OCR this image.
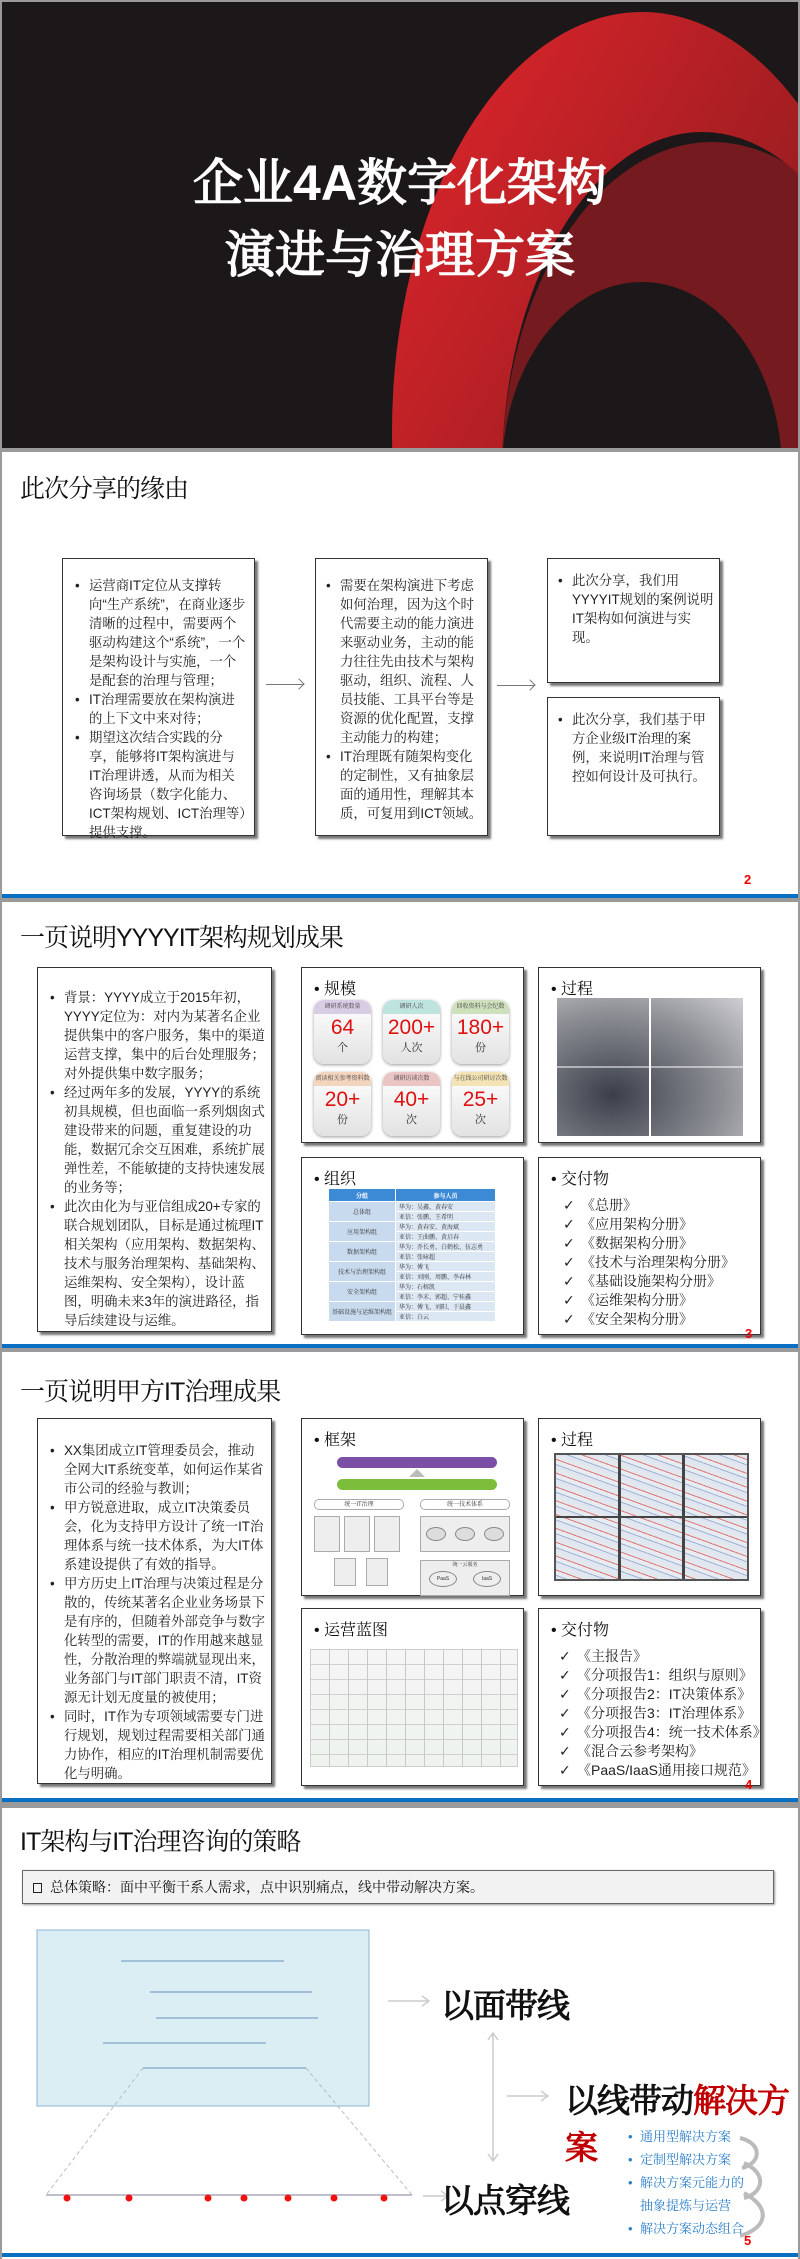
企业4A数字化架构
演进与治理方案
此次分享的缘由
• 运营商IT定位从支撑转向“生产系统”，在商业逐步清晰的过程中，需要两个驱动构建这个“系统”，一个是架构设计与实施，一个是配套的治理与管理；
• IT治理需要放在架构演进的上下文中来对待；
• 期望这次结合实践的分享，能够将IT架构演进与IT治理讲透，从而为相关咨询场景（数字化能力、ICT架构规划、ICT治理等）提供支撑。
• 需要在架构演进下考虑如何治理，因为这个时代需要主动的能力演进来驱动业务，主动的能力往往先由技术与架构驱动，组织、流程、人员技能、工具平台等是资源的优化配置，支撑主动能力的构建；
• IT治理既有随架构变化的定制性，又有抽象层面的通用性，理解其本质，可复用到ICT领域。
• 此次分享，我们用YYYYIT规划的案例说明IT架构如何演进与实现。
• 此次分享，我们基于甲方企业级IT治理的案例，来说明IT治理与管控如何设计及可执行。
2
一页说明YYYYIT架构规划成果
• 背景：YYYY成立于2015年初，YYYY定位为：对内为某著名企业提供集中的客户服务，集中的渠道运营支撑，集中的后台处理服务；对外提供集中数字服务；
• 经过两年多的发展，YYYY的系统初具规模，但也面临一系列烟囱式建设带来的问题，重复建设的功能，数据冗余交互困难，系统扩展弹性差，不能敏捷的支持快速发展的业务等；
• 此次由化为与亚信组成20+专家的联合规划团队，目标是通过梳理IT相关架构（应用架构、数据架构、技术与服务治理架构、基础架构、运维架构、安全架构），设计蓝图，明确未来3年的演进路径，指导后续建设与运维。
• 规模
调研系统数量
64
个
调研人次
200+
人次
回收资料与会纪数
180+
份
阅读相关参考资料数
20+
份
调研访谈次数
40+
次
与在线公司研讨次数
25+
次
• 过程
• 组织
分组	参与人员
总体组	华为：吴鑫、黄春安
	亚信：张鹏、王希明
应用架构组	华为：黄春安、黄海斌
	亚信：王曲鹏、黄启春
数据架构组	华为：乔长勇、白鹤松、伍志勇
	亚信：张咏超
技术与治理架构组	华为：傅飞
	亚信：刘刚、周鹏、李春林
安全架构组	华为：石榕凯
	亚信：李禾、郭超、宁桂鑫
基础设施与运维架构组	华为：傅飞、刘阳、于晨鑫
	亚信：白云
• 交付物
✓ 《总册》
✓ 《应用架构分册》
✓ 《数据架构分册》
✓ 《技术与治理架构分册》
✓ 《基础设施架构分册》
✓ 《运维架构分册》
✓ 《安全架构分册》
3
一页说明甲方IT治理成果
• XX集团成立IT管理委员会，推动全网大IT系统变革，如何运作某省市公司的经验与教训；
• 甲方锐意进取，成立IT决策委员会，化为支持甲方设计了统一IT治理体系与统一技术体系，为大IT体系建设提供了有效的指导。
• 甲方历史上IT治理与决策过程是分散的，传统某著名企业业务场景下是有序的，但随着外部竞争与数字化转型的需要，IT的作用越来越显性，分散治理的弊端就显现出来，业务部门与IT部门职责不清，IT资源无计划无度量的被使用；
• 同时，IT作为专项领域需要专门进行规划，规划过程需要相关部门通力协作，相应的IT治理机制需要优化与明确。
• 框架
统一IT治理	统一技术体系
统一云服务
PaaS	IaaS
• 过程
• 运营蓝图	• 交付物
✓ 《主报告》
✓ 《分项报告1：组织与原则》
✓ 《分项报告2：IT决策体系》
✓ 《分项报告3：IT治理体系》
✓ 《分项报告4：统一技术体系》
✓ 《混合云参考架构》
✓ 《PaaS/IaaS通用接口规范》
4
IT架构与IT治理咨询的策略
总体策略：面中平衡干系人需求，点中识别痛点，线中带动解决方案。
以面带线
以线带动解决方案
以点穿线
• 通用型解决方案
• 定制型解决方案
• 解决方案元能力的抽象提炼与运营
• 解决方案动态组合
5
